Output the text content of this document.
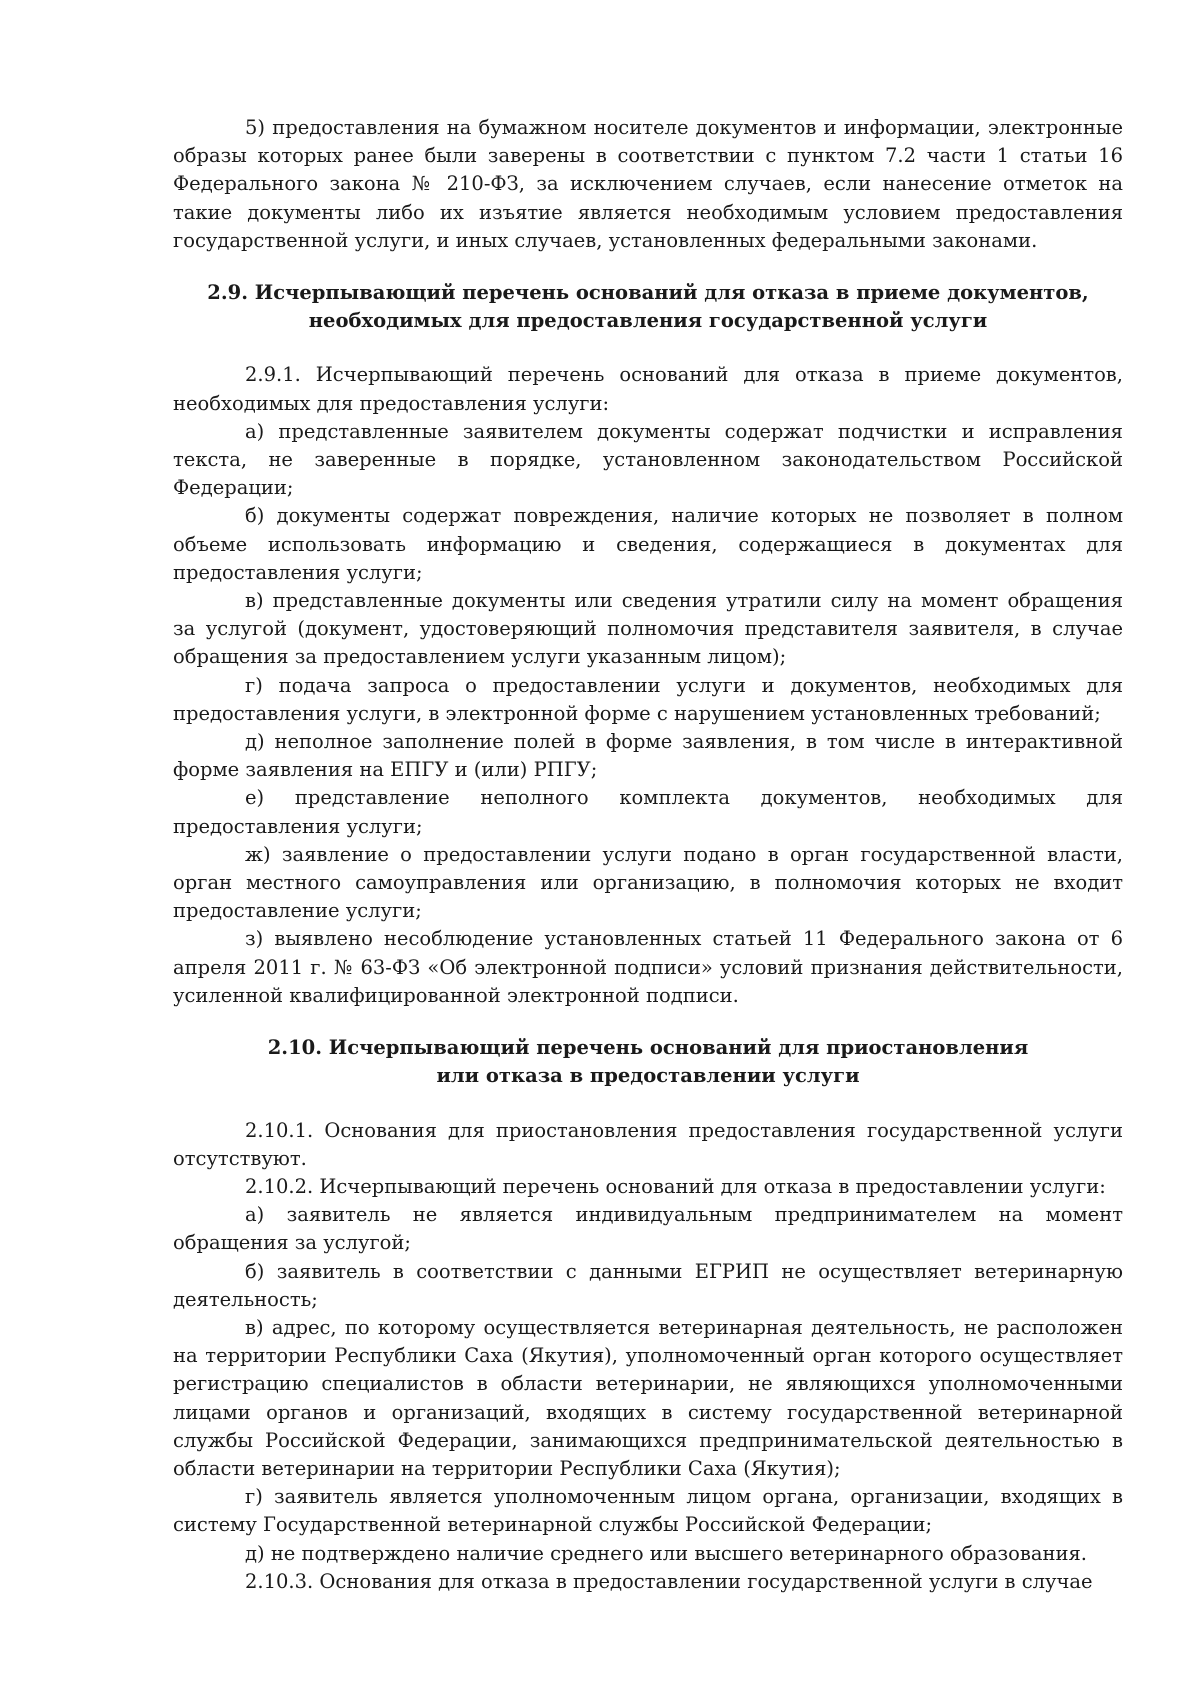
5) предоставления на бумажном носителе документов и информации, электронные образы которых ранее были заверены в соответствии с пунктом 7.2 части 1 статьи 16 Федерального закона № 210-ФЗ, за исключением случаев, если нанесение отметок на такие документы либо их изъятие является необходимым условием предоставления государственной услуги, и иных случаев, установленных федеральными законами.

2.9. Исчерпывающий перечень оснований для отказа в приеме документов,
необходимых для предоставления государственной услуги

2.9.1. Исчерпывающий перечень оснований для отказа в приеме документов, необходимых для предоставления услуги:

а) представленные заявителем документы содержат подчистки и исправления текста, не заверенные в порядке, установленном законодательством Российской Федерации;

б) документы содержат повреждения, наличие которых не позволяет в полном объеме использовать информацию и сведения, содержащиеся в документах для предоставления услуги;

в) представленные документы или сведения утратили силу на момент обращения за услугой (документ, удостоверяющий полномочия представителя заявителя, в случае обращения за предоставлением услуги указанным лицом);

г) подача запроса о предоставлении услуги и документов, необходимых для предоставления услуги, в электронной форме с нарушением установленных требований;

д) неполное заполнение полей в форме заявления, в том числе в интерактивной форме заявления на ЕПГУ и (или) РПГУ;

е) представление неполного комплекта документов, необходимых для предоставления услуги;

ж) заявление о предоставлении услуги подано в орган государственной власти, орган местного самоуправления или организацию, в полномочия которых не входит предоставление услуги;

з) выявлено несоблюдение установленных статьей 11 Федерального закона от 6 апреля 2011 г. № 63-ФЗ «Об электронной подписи» условий признания действительности, усиленной квалифицированной электронной подписи.

2.10. Исчерпывающий перечень оснований для приостановления
или отказа в предоставлении услуги

2.10.1. Основания для приостановления предоставления государственной услуги отсутствуют.

2.10.2. Исчерпывающий перечень оснований для отказа в предоставлении услуги:

а) заявитель не является индивидуальным предпринимателем на момент обращения за услугой;

б) заявитель в соответствии с данными ЕГРИП не осуществляет ветеринарную деятельность;

в) адрес, по которому осуществляется ветеринарная деятельность, не расположен на территории Республики Саха (Якутия), уполномоченный орган которого осуществляет регистрацию специалистов в области ветеринарии, не являющихся уполномоченными лицами органов и организаций, входящих в систему государственной ветеринарной службы Российской Федерации, занимающихся предпринимательской деятельностью в области ветеринарии на территории Республики Саха (Якутия);

г) заявитель является уполномоченным лицом органа, организации, входящих в систему Государственной ветеринарной службы Российской Федерации;

д) не подтверждено наличие среднего или высшего ветеринарного образования.

2.10.3. Основания для отказа в предоставлении государственной услуги в случае
